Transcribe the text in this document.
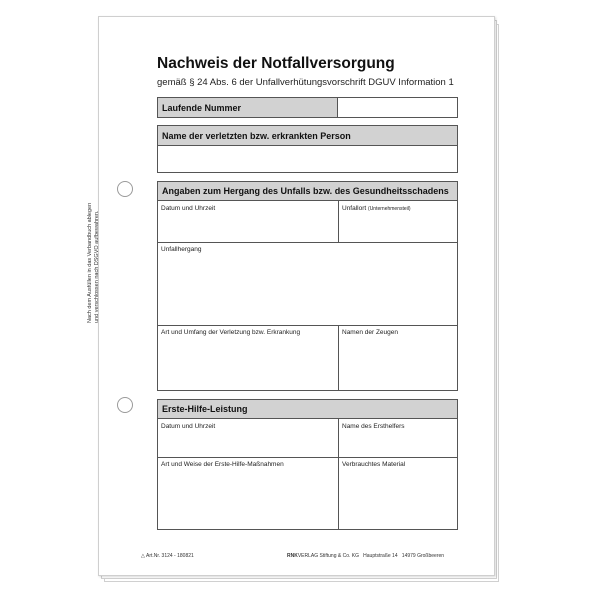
Nachweis der Notfallversorgung
gemäß § 24 Abs. 6 der Unfallverhütungsvorschrift DGUV Information 1
Laufende Nummer
Name der verletzten bzw. erkrankten Person
Angaben zum Hergang des Unfalls bzw. des Gesundheitsschadens
Datum und Uhrzeit	Unfallort (Unternehmensteil)
Unfallhergang
Art und Umfang der Verletzung bzw. Erkrankung	Namen der Zeugen
Erste-Hilfe-Leistung
Datum und Uhrzeit	Name des Ersthelfers
Art und Weise der Erste-Hilfe-Maßnahmen	Verbrauchtes Material
Nach dem Ausfüllen in das Verbandbuch ablegen und verschlossen nach DSGVO aufbewahren.
△ Art.Nr. 3124 - 180821	RNKVERLAG Stiftung & Co. KG Hauptstraße 14 14979 Großbeeren
